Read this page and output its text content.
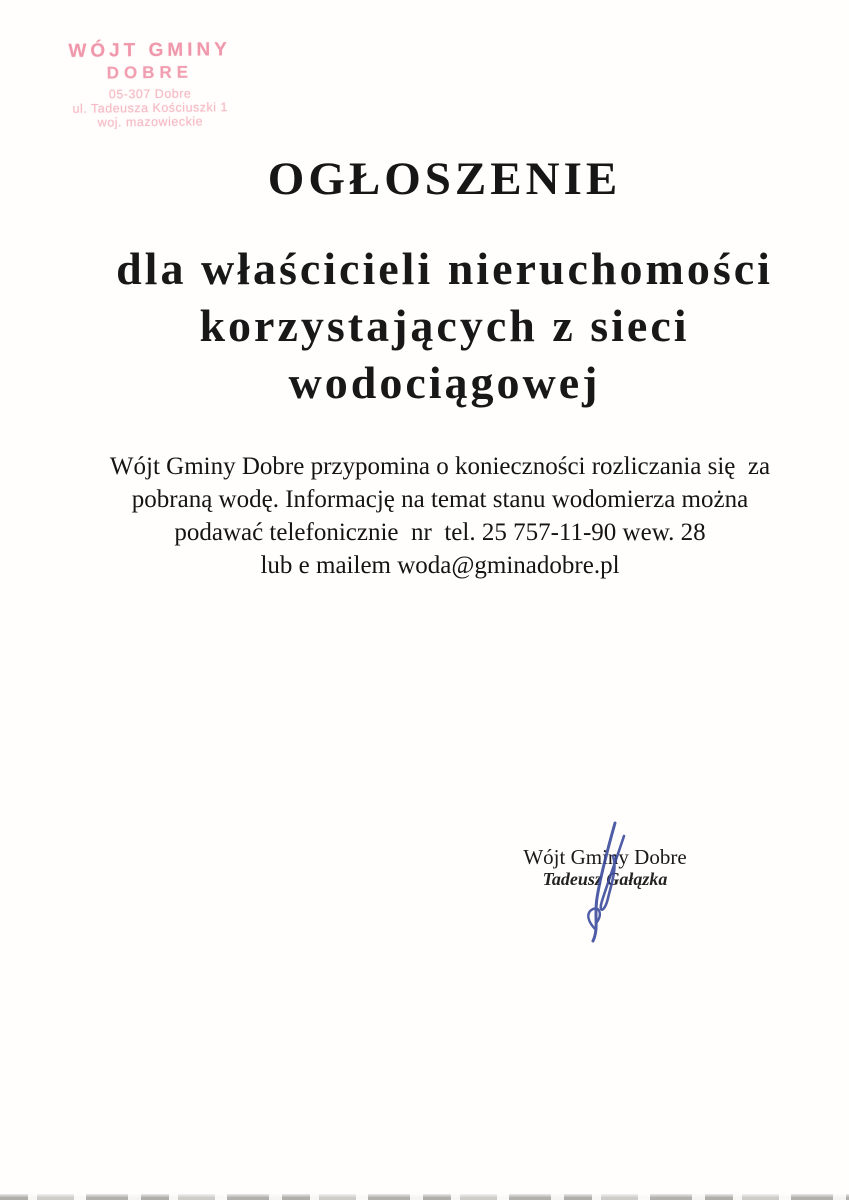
WÓJT GMINY
DOBRE
05-307 Dobre
ul. Tadeusza Kościuszki 1
woj. mazowieckie
OGŁOSZENIE
dla właścicieli nieruchomości
korzystających z sieci
wodociągowej
Wójt Gminy Dobre przypomina o konieczności rozliczania się  za
pobraną wodę. Informację na temat stanu wodomierza można
podawać telefonicznie  nr  tel. 25 757-11-90 wew. 28
lub e mailem woda@gminadobre.pl
Wójt Gminy Dobre
Tadeusz Gałązka
